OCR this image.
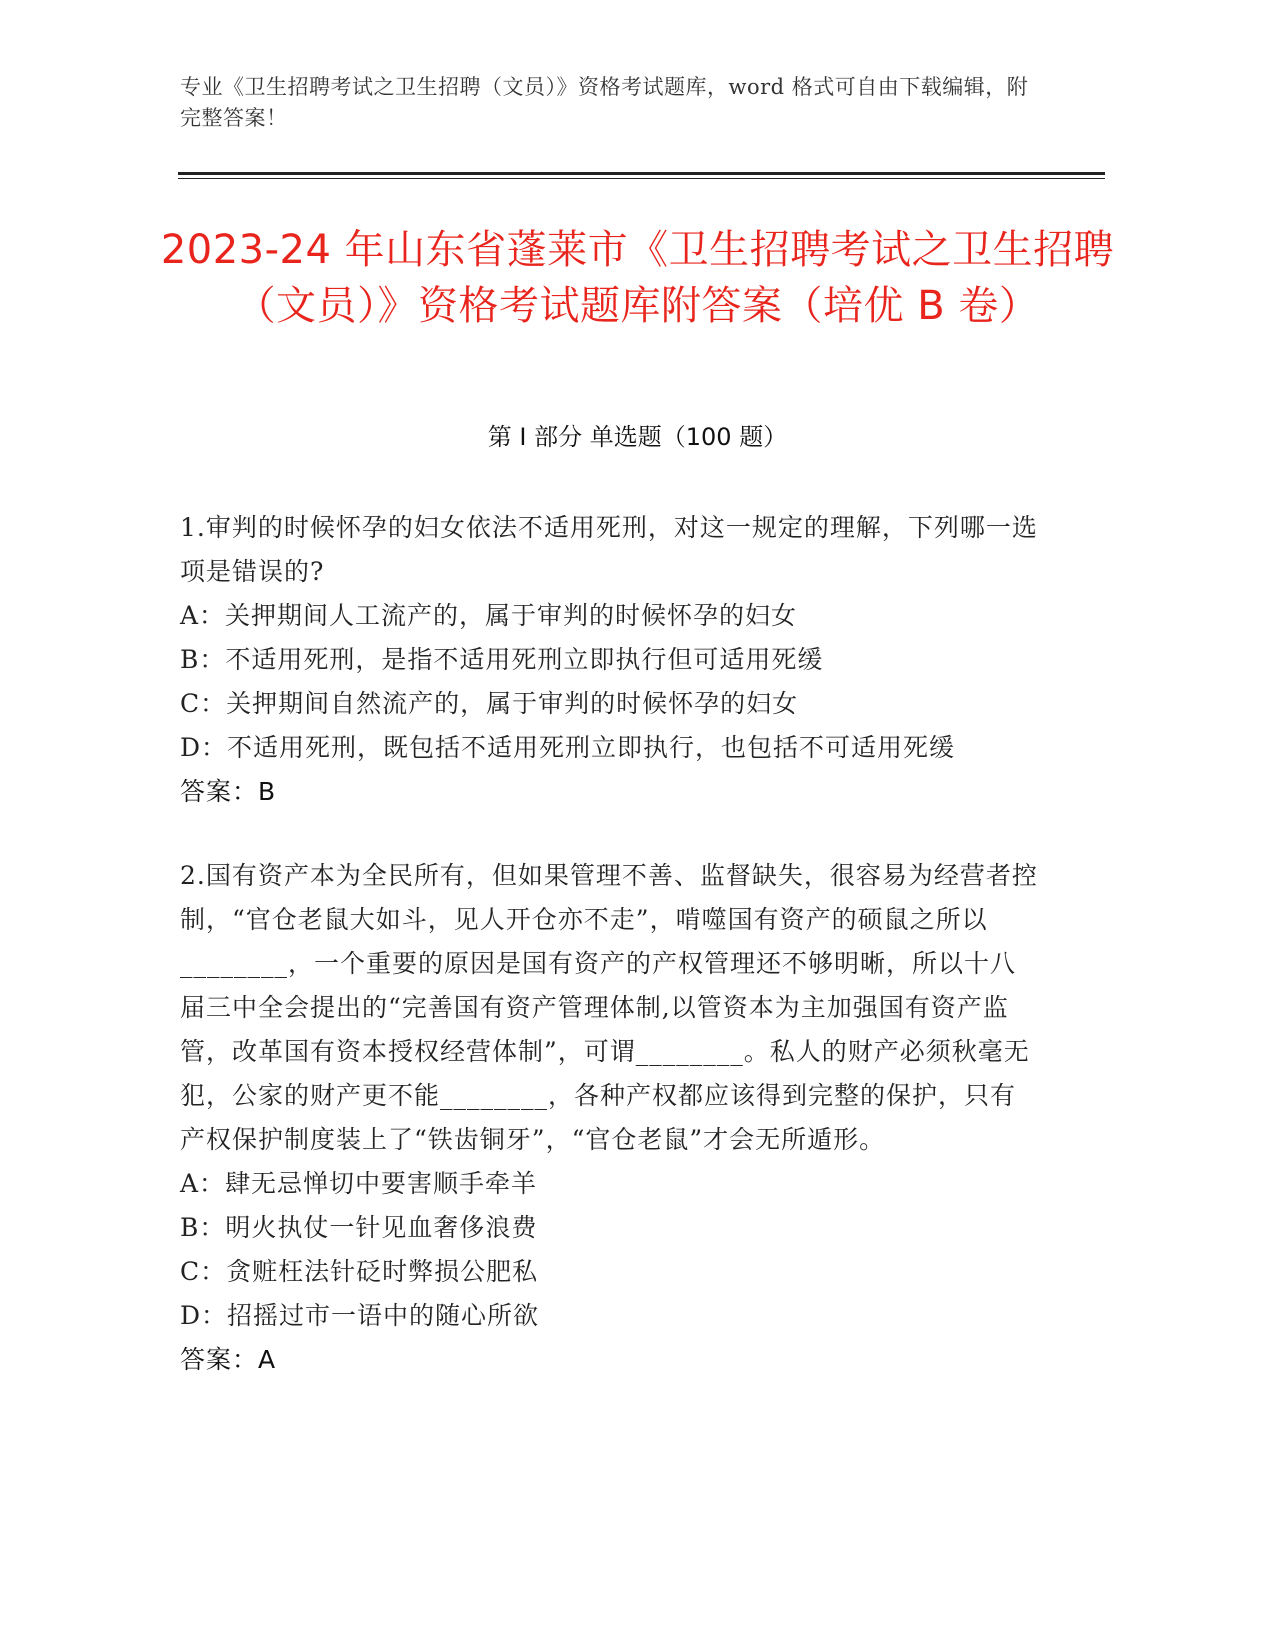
专业《卫生招聘考试之卫生招聘（文员）》资格考试题库，word 格式可自由下载编辑，附完整答案！
2023-24 年山东省蓬莱市《卫生招聘考试之卫生招聘（文员）》资格考试题库附答案（培优 B 卷）
第 I 部分 单选题（100 题）
1.审判的时候怀孕的妇女依法不适用死刑，对这一规定的理解，下列哪一选项是错误的?
A：关押期间人工流产的，属于审判的时候怀孕的妇女
B：不适用死刑，是指不适用死刑立即执行但可适用死缓
C：关押期间自然流产的，属于审判的时候怀孕的妇女
D：不适用死刑，既包括不适用死刑立即执行，也包括不可适用死缓
答案：B
2.国有资产本为全民所有，但如果管理不善、监督缺失，很容易为经营者控制，“官仓老鼠大如斗，见人开仓亦不走”，啃噬国有资产的硕鼠之所以________，一个重要的原因是国有资产的产权管理还不够明晰，所以十八届三中全会提出的“完善国有资产管理体制,以管资本为主加强国有资产监管，改革国有资本授权经营体制”，可谓________。私人的财产必须秋毫无犯，公家的财产更不能________，各种产权都应该得到完整的保护，只有产权保护制度装上了“铁齿铜牙”，“官仓老鼠”才会无所遁形。
A：肆无忌惮切中要害顺手牵羊
B：明火执仗一针见血奢侈浪费
C：贪赃枉法针砭时弊损公肥私
D：招摇过市一语中的随心所欲
答案：A
